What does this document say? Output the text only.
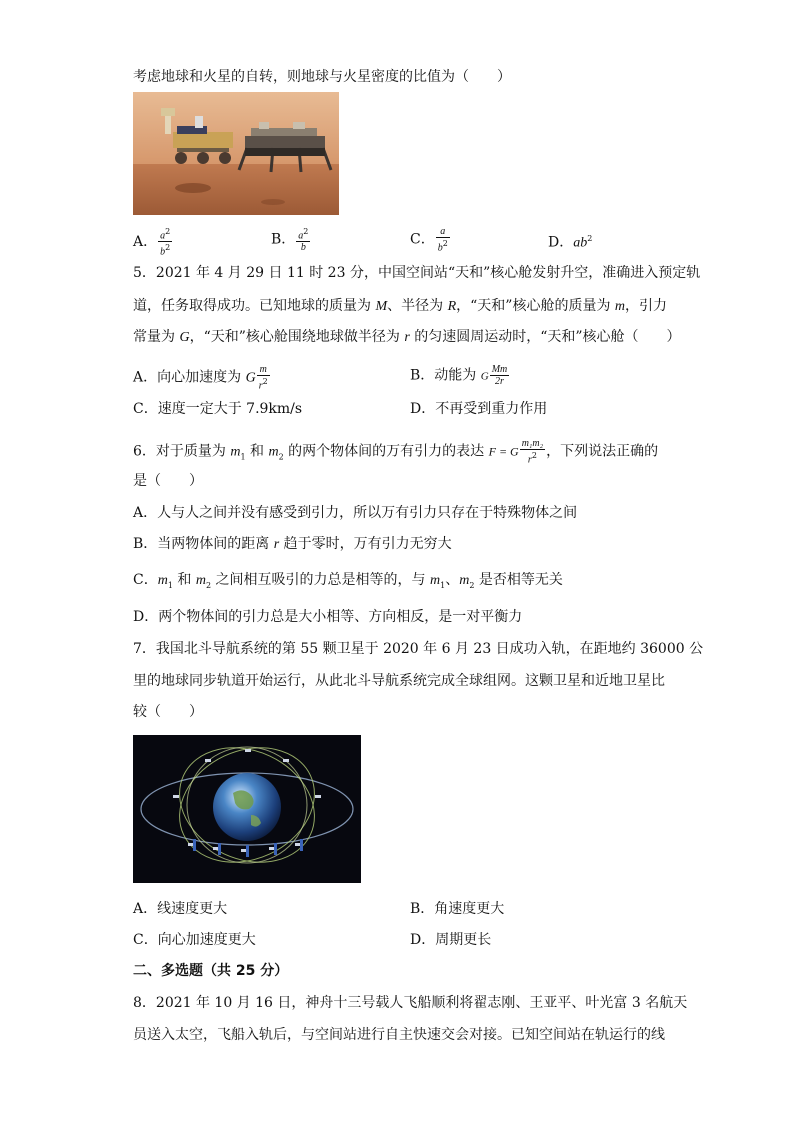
考虑地球和火星的自转，则地球与火星密度的比值为（　　）
A． $\frac{a^2}{b^2}$	B． $\frac{a^2}{b}$	C． $\frac{a}{b^2}$	D．$ab^2$
5．2021 年 4 月 29 日 11 时 23 分，中国空间站“天和”核心舱发射升空，准确进入预定轨
道，任务取得成功。已知地球的质量为 M、半径为 R，“天和”核心舱的质量为 m，引力
常量为 G，“天和”核心舱围绕地球做半径为 r 的匀速圆周运动时，“天和”核心舱（　　）
A．向心加速度为 G $\frac{m}{r^2}$	B．动能为 G $\frac{Mm}{2r}$
C．速度一定大于 7.9km/s	D．不再受到重力作用
6．对于质量为 $m_1$ 和 $m_2$ 的两个物体间的万有引力的表达 F = G $\frac{\text{m₁m₂}}{r^2}$ ，下列说法正确的
是（　　）
A．人与人之间并没有感受到引力，所以万有引力只存在于特殊物体之间
B．当两物体间的距离 r 趋于零时，万有引力无穷大
C．$m_1$ 和 $m_2$ 之间相互吸引的力总是相等的，与 $m_1$、$m_2$ 是否相等无关
D．两个物体间的引力总是大小相等、方向相反，是一对平衡力
7．我国北斗导航系统的第 55 颗卫星于 2020 年 6 月 23 日成功入轨，在距地约 36000 公
里的地球同步轨道开始运行，从此北斗导航系统完成全球组网。这颗卫星和近地卫星比
较（　　）
A．线速度更大	B．角速度更大
C．向心加速度更大	D．周期更长
二、多选题（共 25 分）
8．2021 年 10 月 16 日，神舟十三号载人飞船顺利将翟志刚、王亚平、叶光富 3 名航天
员送入太空，飞船入轨后，与空间站进行自主快速交会对接。已知空间站在轨运行的线
